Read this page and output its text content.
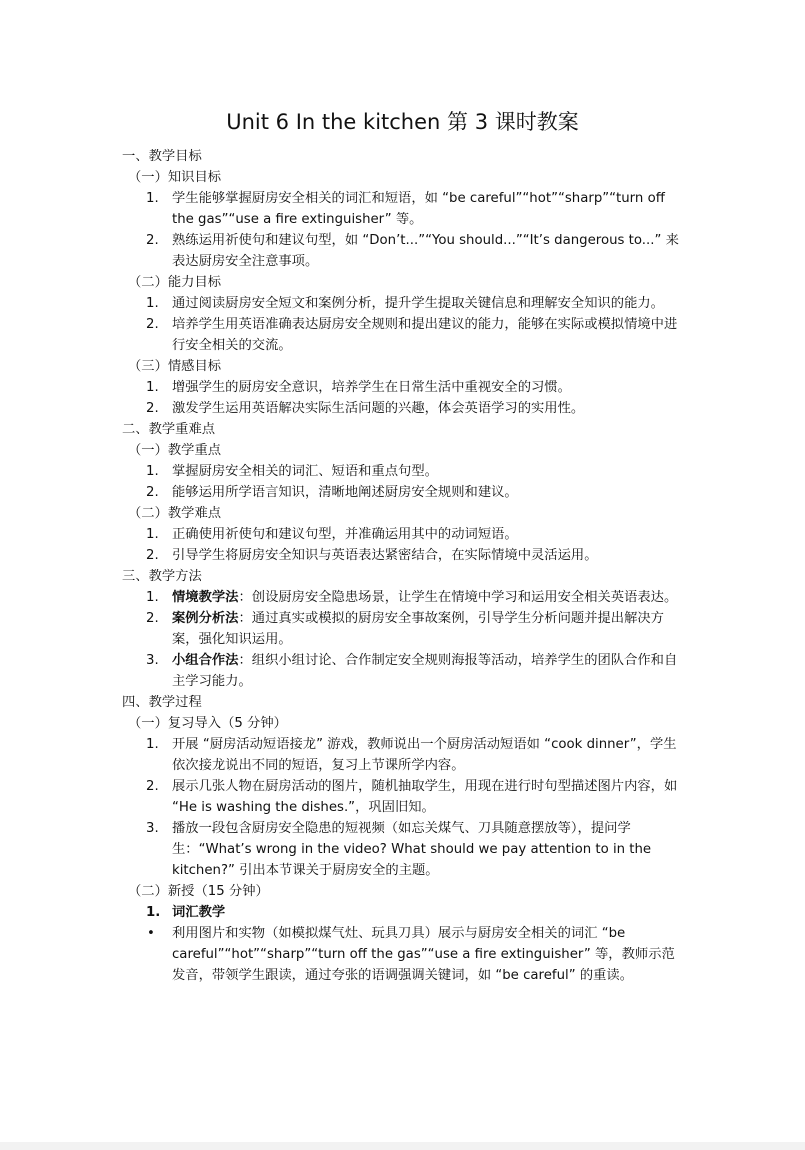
Unit 6 In the kitchen 第 3 课时教案
一、教学目标
（一）知识目标
1. 学生能够掌握厨房安全相关的词汇和短语，如 “be careful”“hot”“sharp”“turn off the gas”“use a fire extinguisher” 等。
2. 熟练运用祈使句和建议句型，如 “Don’t...”“You should...”“It’s dangerous to...” 来表达厨房安全注意事项。
（二）能力目标
1. 通过阅读厨房安全短文和案例分析，提升学生提取关键信息和理解安全知识的能力。
2. 培养学生用英语准确表达厨房安全规则和提出建议的能力，能够在实际或模拟情境中进行安全相关的交流。
（三）情感目标
1. 增强学生的厨房安全意识，培养学生在日常生活中重视安全的习惯。
2. 激发学生运用英语解决实际生活问题的兴趣，体会英语学习的实用性。
二、教学重难点
（一）教学重点
1. 掌握厨房安全相关的词汇、短语和重点句型。
2. 能够运用所学语言知识，清晰地阐述厨房安全规则和建议。
（二）教学难点
1. 正确使用祈使句和建议句型，并准确运用其中的动词短语。
2. 引导学生将厨房安全知识与英语表达紧密结合，在实际情境中灵活运用。
三、教学方法
1. 情境教学法：创设厨房安全隐患场景，让学生在情境中学习和运用安全相关英语表达。
2. 案例分析法：通过真实或模拟的厨房安全事故案例，引导学生分析问题并提出解决方案，强化知识运用。
3. 小组合作法：组织小组讨论、合作制定安全规则海报等活动，培养学生的团队合作和自主学习能力。
四、教学过程
（一）复习导入（5 分钟）
1. 开展 “厨房活动短语接龙” 游戏，教师说出一个厨房活动短语如 “cook dinner”，学生依次接龙说出不同的短语，复习上节课所学内容。
2. 展示几张人物在厨房活动的图片，随机抽取学生，用现在进行时句型描述图片内容，如 “He is washing the dishes.”，巩固旧知。
3. 播放一段包含厨房安全隐患的短视频（如忘关煤气、刀具随意摆放等），提问学生：“What’s wrong in the video? What should we pay attention to in the kitchen?” 引出本节课关于厨房安全的主题。
（二）新授（15 分钟）
1. 词汇教学
• 利用图片和实物（如模拟煤气灶、玩具刀具）展示与厨房安全相关的词汇 “be careful”“hot”“sharp”“turn off the gas”“use a fire extinguisher” 等，教师示范发音，带领学生跟读，通过夸张的语调强调关键词，如 “be careful” 的重读。
